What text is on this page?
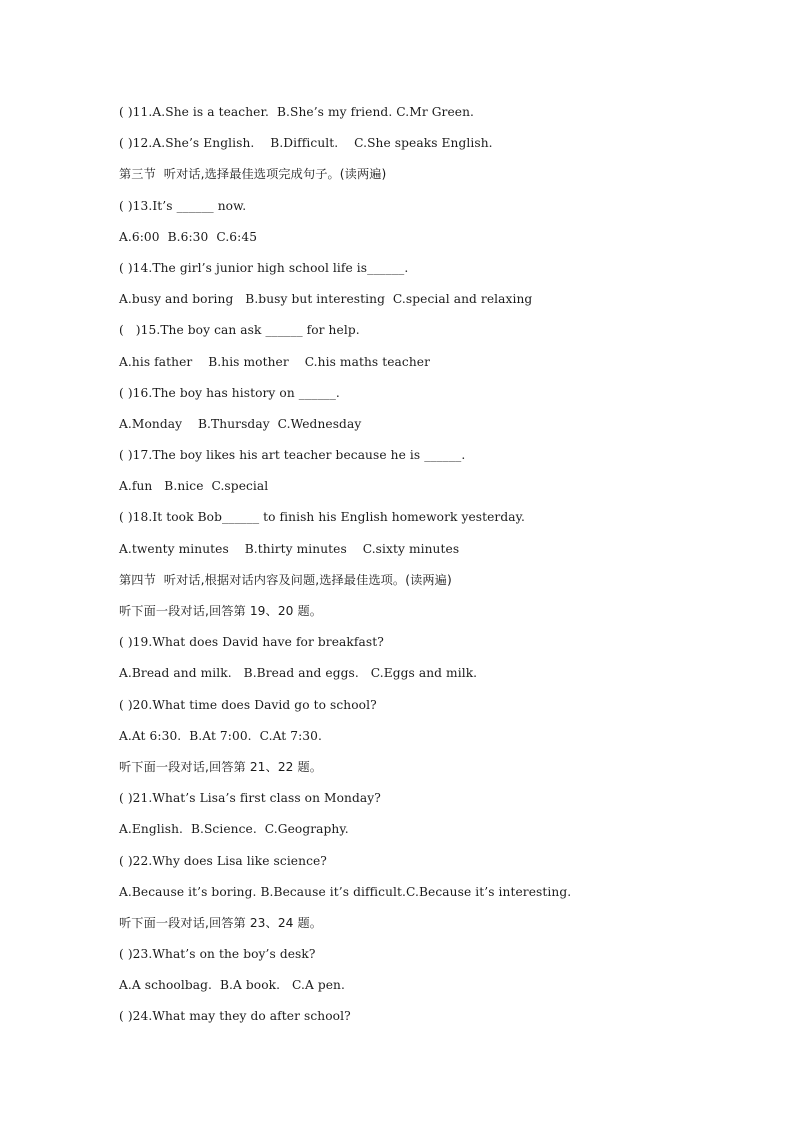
( )11.A.She is a teacher.  B.She’s my friend. C.Mr Green.
( )12.A.She’s English.    B.Difficult.    C.She speaks English.
第三节  听对话,选择最佳选项完成句子。(读两遍)
( )13.It’s ______ now.
A.6:00  B.6:30  C.6:45
( )14.The girl’s junior high school life is______.
A.busy and boring   B.busy but interesting  C.special and relaxing
(   )15.The boy can ask ______ for help.
A.his father    B.his mother    C.his maths teacher
( )16.The boy has history on ______.
A.Monday    B.Thursday  C.Wednesday
( )17.The boy likes his art teacher because he is ______.
A.fun   B.nice  C.special
( )18.It took Bob______ to finish his English homework yesterday.
A.twenty minutes    B.thirty minutes    C.sixty minutes
第四节  听对话,根据对话内容及问题,选择最佳选项。(读两遍)
听下面一段对话,回答第 19、20 题。
( )19.What does David have for breakfast?
A.Bread and milk.   B.Bread and eggs.   C.Eggs and milk.
( )20.What time does David go to school?
A.At 6:30.  B.At 7:00.  C.At 7:30.
听下面一段对话,回答第 21、22 题。
( )21.What’s Lisa’s first class on Monday?
A.English.  B.Science.  C.Geography.
( )22.Why does Lisa like science?
A.Because it’s boring. B.Because it’s difficult.C.Because it’s interesting.
听下面一段对话,回答第 23、24 题。
( )23.What’s on the boy’s desk?
A.A schoolbag.  B.A book.   C.A pen.
( )24.What may they do after school?
